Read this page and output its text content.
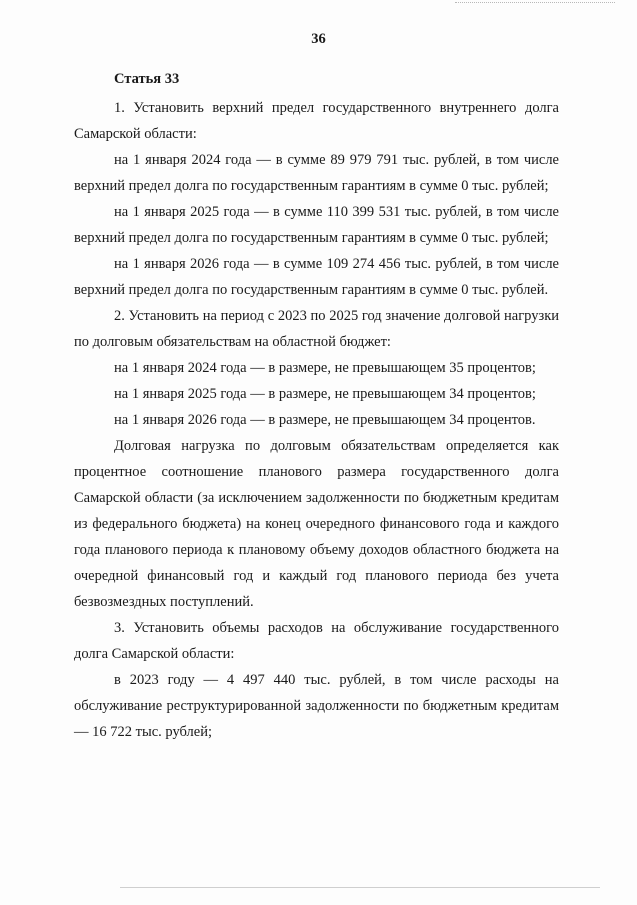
36
Статья 33

1. Установить верхний предел государственного внутреннего долга Самарской области:

на 1 января 2024 года — в сумме 89 979 791 тыс. рублей, в том числе верхний предел долга по государственным гарантиям в сумме 0 тыс. рублей;

на 1 января 2025 года — в сумме 110 399 531 тыс. рублей, в том числе верхний предел долга по государственным гарантиям в сумме 0 тыс. рублей;

на 1 января 2026 года — в сумме 109 274 456 тыс. рублей, в том числе верхний предел долга по государственным гарантиям в сумме 0 тыс. рублей.

2. Установить на период с 2023 по 2025 год значение долговой нагрузки по долговым обязательствам на областной бюджет:

на 1 января 2024 года — в размере, не превышающем 35 процентов;

на 1 января 2025 года — в размере, не превышающем 34 процентов;

на 1 января 2026 года — в размере, не превышающем 34 процентов.

Долговая нагрузка по долговым обязательствам определяется как процентное соотношение планового размера государственного долга Самарской области (за исключением задолженности по бюджетным кредитам из федерального бюджета) на конец очередного финансового года и каждого года планового периода к плановому объему доходов областного бюджета на очередной финансовый год и каждый год планового периода без учета безвозмездных поступлений.

3. Установить объемы расходов на обслуживание государственного долга Самарской области:

в 2023 году — 4 497 440 тыс. рублей, в том числе расходы на обслуживание реструктурированной задолженности по бюджетным кредитам — 16 722 тыс. рублей;
